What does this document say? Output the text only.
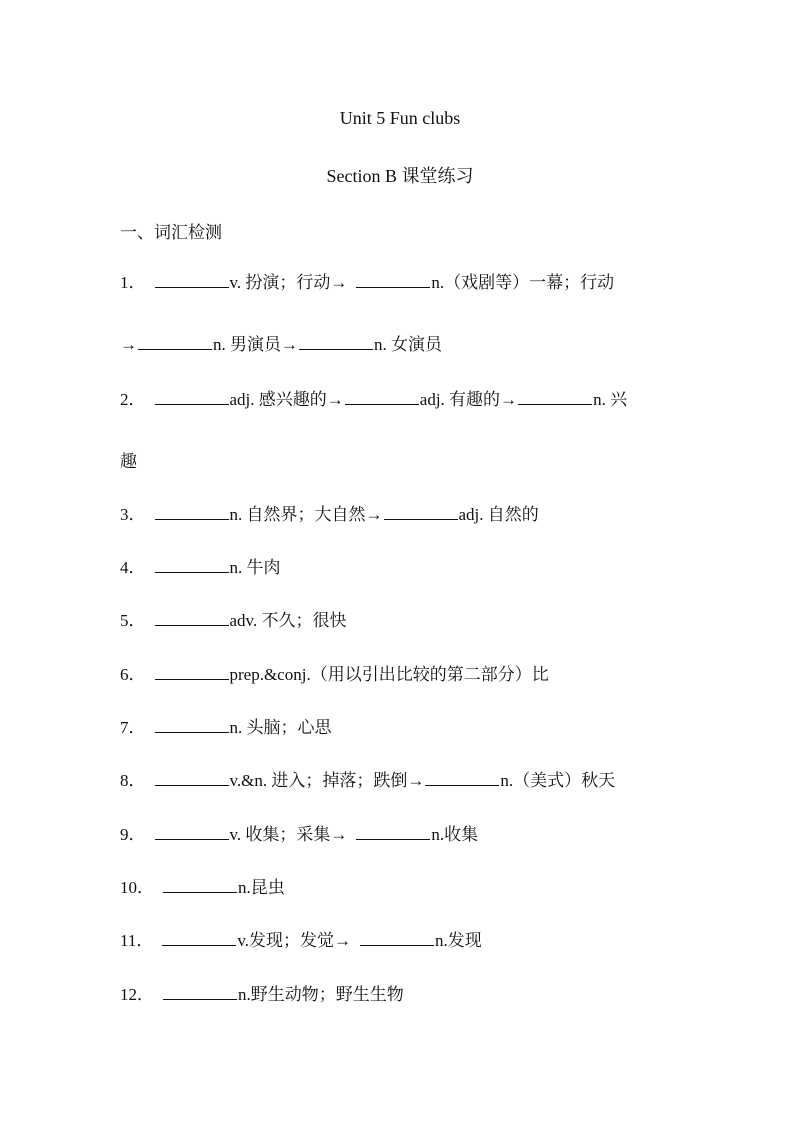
Unit 5 Fun clubs
Section B 课堂练习
一、词汇检测
1．	v. 扮演；行动→	n.（戏剧等）一幕；行动
→	n. 男演员→	n. 女演员
2．	adj. 感兴趣的→	adj. 有趣的→	n. 兴
趣
3．	n. 自然界；大自然→	adj. 自然的
4．	n. 牛肉
5．	adv. 不久；很快
6．	prep.&conj.（用以引出比较的第二部分）比
7．	n. 头脑；心思
8．	v.&n. 进入；掉落；跌倒→	n.（美式）秋天
9．	v. 收集；采集→	n.收集
10．	n.昆虫
11．	v.发现；发觉→	n.发现
12．	n.野生动物；野生生物
